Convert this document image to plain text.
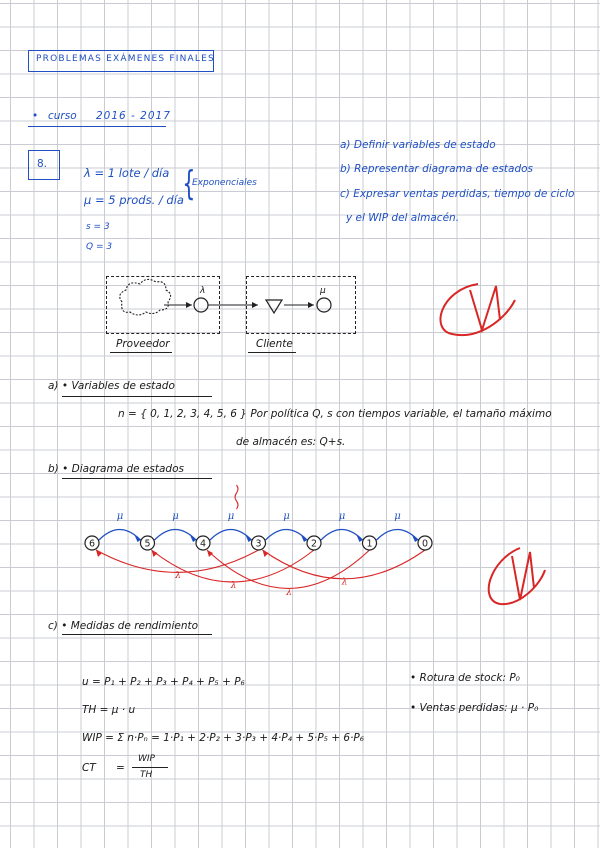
PROBLEMAS EXÁMENES FINALES
• curso 2016 - 2017
8.
λ = 1 lote / día
μ = 5 prods. / día
{
Exponenciales
s = 3
Q = 3
a) Definir variables de estado
b) Representar diagrama de estados
c) Expresar ventas perdidas, tiempo de ciclo
y el WIP del almacén.
λ	μ
Proveedor	Cliente
a) • Variables de estado
n = { 0, 1, 2, 3, 4, 5, 6 } Por política Q, s con tiempos variable, el tamaño máximo
de almacén es: Q+s.
b) • Diagrama de estados
μ	μ	μ	μ	μ	μ
λ
λ
λ
λ
6	5	4	3	2	1	0
c) • Medidas de rendimiento
u = P₁ + P₂ + P₃ + P₄ + P₅ + P₆
TH = μ · u
WIP = Σ n·Pₙ = 1·P₁ + 2·P₂ + 3·P₃ + 4·P₄ + 5·P₅ + 6·P₆
CT =
WIP
TH
• Rotura de stock: P₀
• Ventas perdidas: μ · P₀
